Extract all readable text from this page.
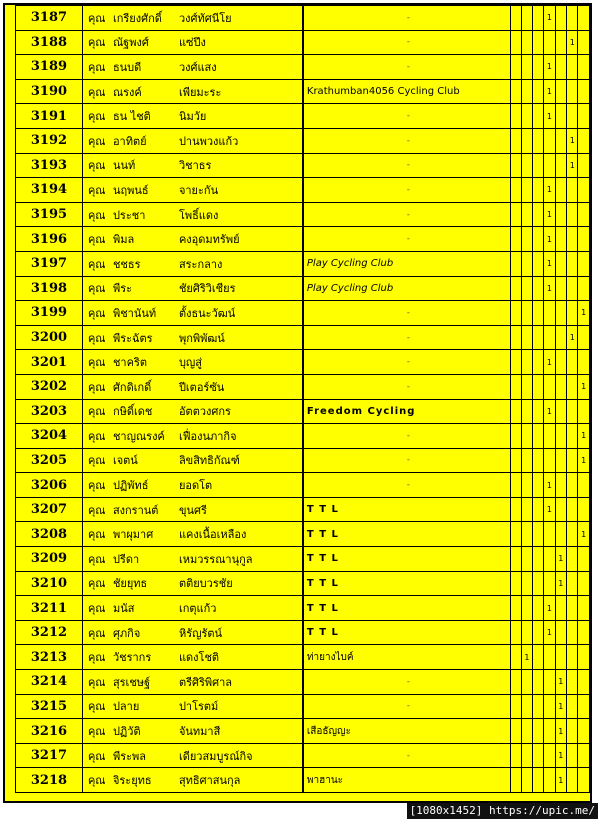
3187	คุณ เกรียงศักดิ์ วงศ์ทัศนีโย	-				1			
3188	คุณ ณัฐพงศ์ แซ่ปึง	-						1	
3189	คุณ ธนบดี วงศ์แสง	-				1			
3190	คุณ ณรงค์ เพียมะระ	Krathumban4056 Cycling Club				1			
3191	คุณ ธน ไชติ นิมวัย	-				1			
3192	คุณ อาทิตย์ ปานพวงแก้ว	-						1	
3193	คุณ นนท์ วิชาธร	-						1	
3194	คุณ นฤพนธ์ จายะกัน	-				1			
3195	คุณ ประชา โพธิ์แดง	-				1			
3196	คุณ พิมล คงอุดมทรัพย์	-				1			
3197	คุณ ชชธร สระกลาง	Play Cycling Club				1			
3198	คุณ พีระ ชัยศิริวิเชียร	Play Cycling Club				1			
3199	คุณ พิชานันท์ ตั้งธนะวัฒน์	-							1
3200	คุณ พีระฉัตร พุกพิพัฒน์	-						1	
3201	คุณ ชาคริต บุญสู่	-				1			
3202	คุณ ศักดิเกดิ์ ปีเตอร์ซัน	-							1
3203	คุณ กษิดิ์เดช อัตตวงศกร	Freedom Cycling				1			
3204	คุณ ชาญณรงค์ เฟื่องนภากิจ	-							1
3205	คุณ เจตน์ ลิขสิทธิกัณฑ์	-							1
3206	คุณ ปฏิพัทธ์ ยอดโต	-				1			
3207	คุณ สงกรานต์ ขุนศรี	T T L				1			
3208	คุณ พาผุมาศ แคงเนื้อเหลือง	T T L							1
3209	คุณ ปรีดา เหมวรรณานุกูล	T T L					1		
3210	คุณ ชัยยุทธ ตติยบวรชัย	T T L					1		
3211	คุณ มนัส เกตุแก้ว	T T L				1			
3212	คุณ ศุภกิจ หิรัญรัตน์	T T L				1			
3213	คุณ วัชรากร แดงโชติ	ท่ายางไบค์		1					
3214	คุณ สุรเชษฐ์ ตรีศิริพิศาล	-					1		
3215	คุณ ปลาย ปาโรตม์	-					1		
3216	คุณ ปฏิวัติ จันทมาสี	เสือธัญญะ					1		
3217	คุณ พีระพล เดียวสมบูรณ์กิจ	-					1		
3218	คุณ จิระยุทธ สุทธิศาสนกุล	พาฮานะ					1		
[1080x1452] https://upic.me/
